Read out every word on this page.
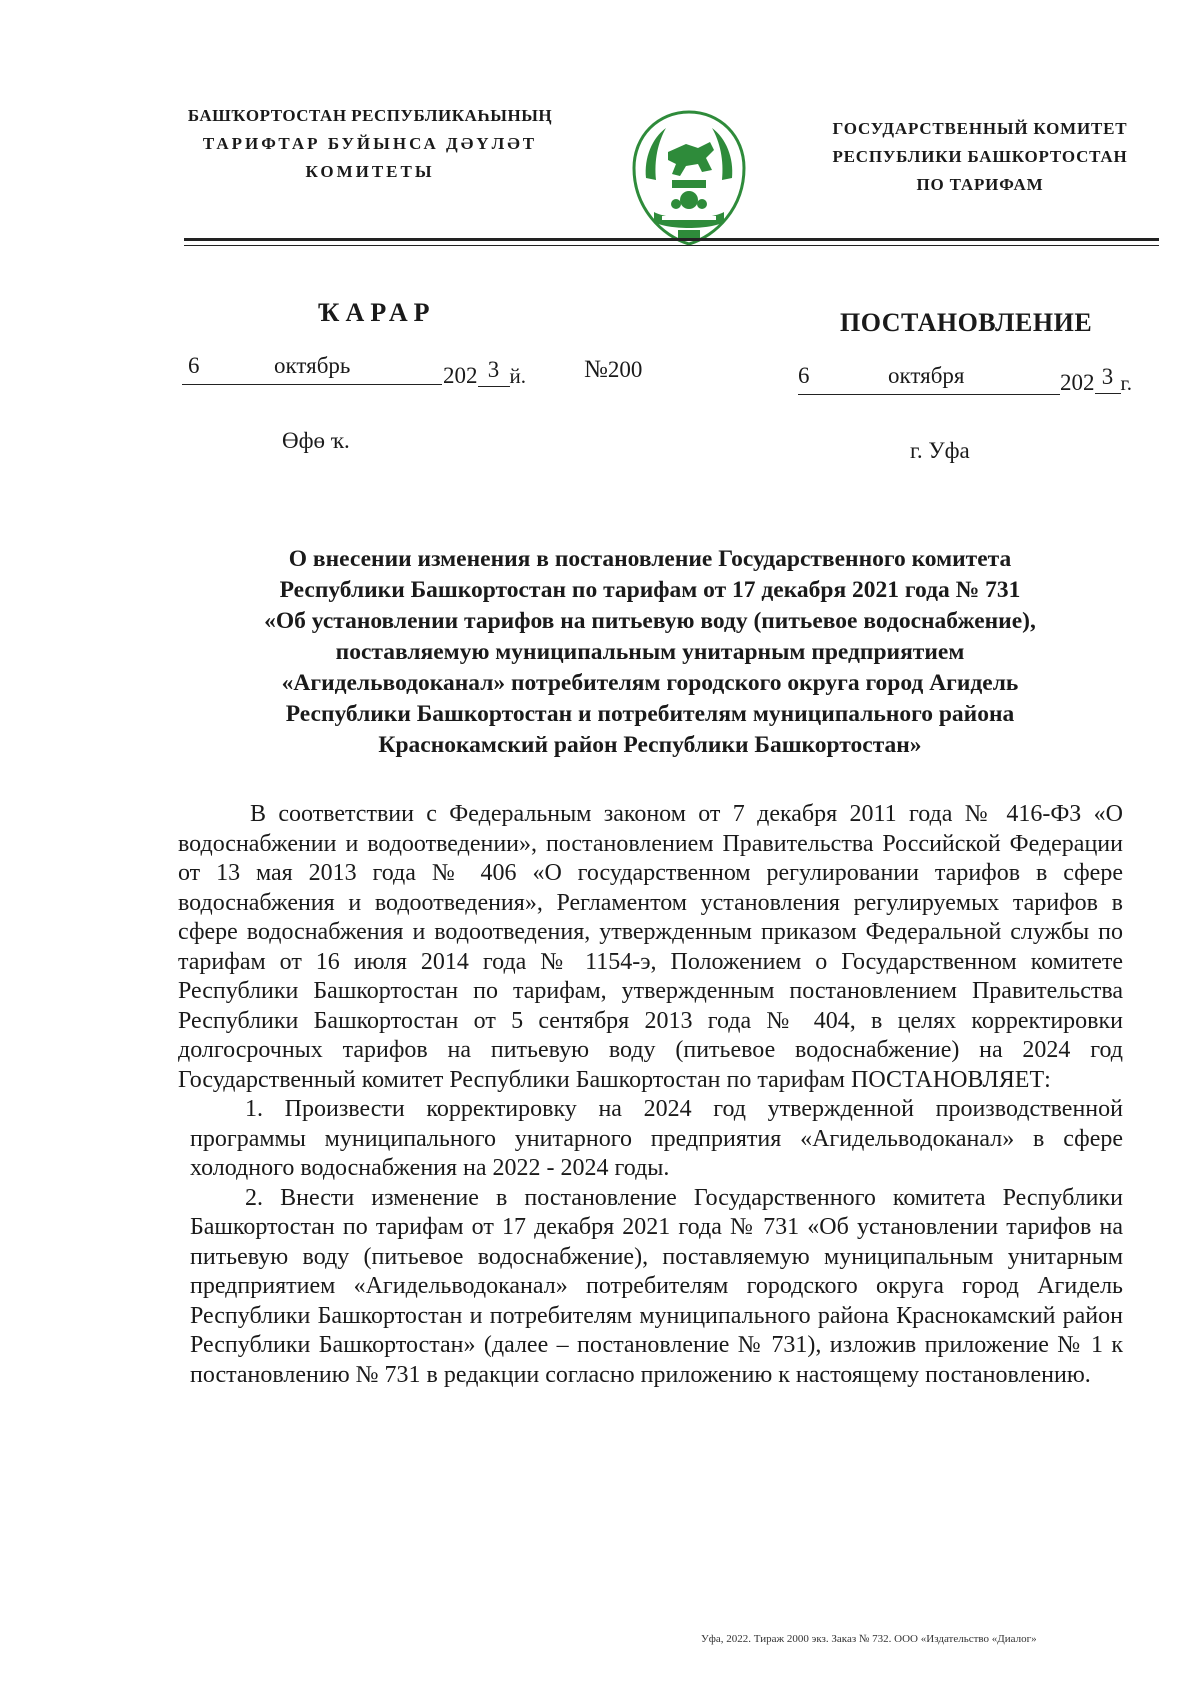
БАШҠОРТОСТАН РЕСПУБЛИКАҺЫНЫҢ
ТАРИФТАР БУЙЫНСА ДӘҮЛӘТ
КОМИТЕТЫ
ГОСУДАРСТВЕННЫЙ КОМИТЕТ
РЕСПУБЛИКИ БАШКОРТОСТАН
ПО ТАРИФАМ
ҠАРАР	ПОСТАНОВЛЕНИЕ
6	октябрь	202 3 й. №200	6	октября	202 3 г.
Өфө ҡ.	г. Уфа
О внесении изменения в постановление Государственного комитета
Республики Башкортостан по тарифам от 17 декабря 2021 года № 731
«Об установлении тарифов на питьевую воду (питьевое водоснабжение),
поставляемую муниципальным унитарным предприятием
«Агидельводоканал» потребителям городского округа город Агидель
Республики Башкортостан и потребителям муниципального района
Краснокамский район Республики Башкортостан»

В соответствии с Федеральным законом от 7 декабря 2011 года № 416-ФЗ «О водоснабжении и водоотведении», постановлением Правительства Российской Федерации от 13 мая 2013 года № 406 «О государственном регулировании тарифов в сфере водоснабжения и водоотведения», Регламентом установления регулируемых тарифов в сфере водоснабжения и водоотведения, утвержденным приказом Федеральной службы по тарифам от 16 июля 2014 года № 1154-э, Положением о Государственном комитете Республики Башкортостан по тарифам, утвержденным постановлением Правительства Республики Башкортостан от 5 сентября 2013 года № 404, в целях корректировки долгосрочных тарифов на питьевую воду (питьевое водоснабжение) на 2024 год Государственный комитет Республики Башкортостан по тарифам ПОСТАНОВЛЯЕТ:

1. Произвести корректировку на 2024 год утвержденной производственной программы муниципального унитарного предприятия «Агидельводоканал» в сфере холодного водоснабжения на 2022 - 2024 годы.

2. Внести изменение в постановление Государственного комитета Республики Башкортостан по тарифам от 17 декабря 2021 года № 731 «Об установлении тарифов на питьевую воду (питьевое водоснабжение), поставляемую муниципальным унитарным предприятием «Агидельводоканал» потребителям городского округа город Агидель Республики Башкортостан и потребителям муниципального района Краснокамский район Республики Башкортостан» (далее – постановление № 731), изложив приложение № 1 к постановлению № 731 в редакции согласно приложению к настоящему постановлению.

Уфа, 2022. Тираж 2000 экз. Заказ № 732. ООО «Издательство «Диалог»
